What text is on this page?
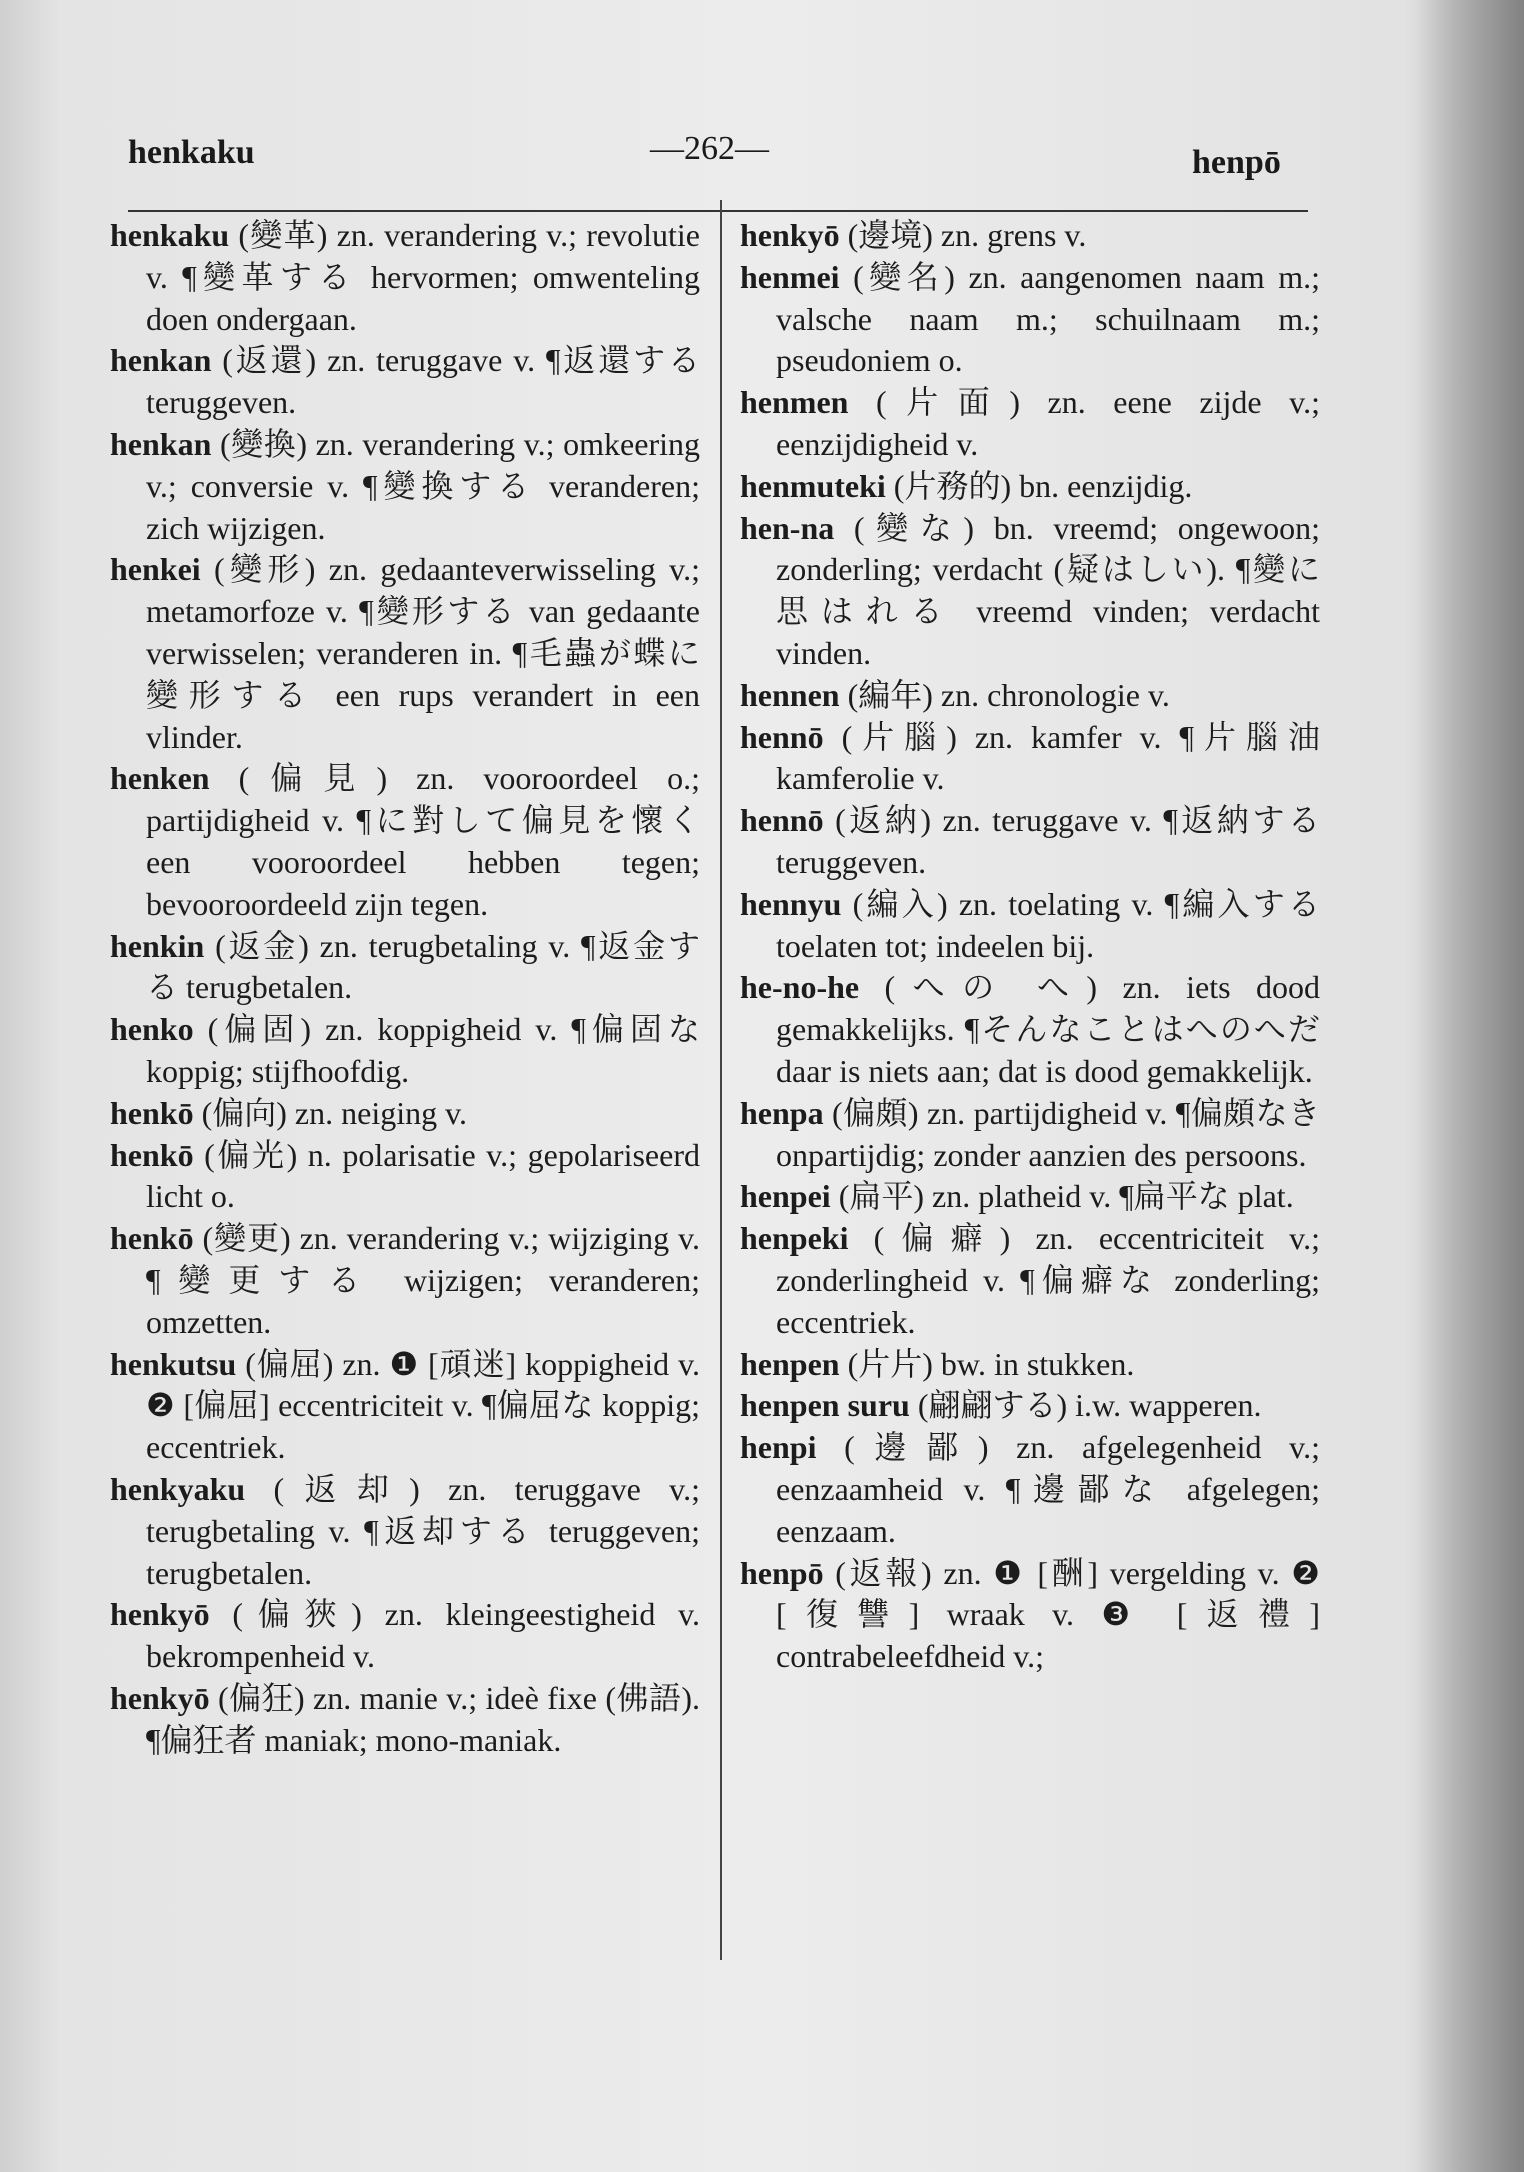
henkaku	—262—	henpō

henkaku (變革) zn. verandering v.; revolutie v. ¶變革する hervormen; omwenteling doen ondergaan.

henkan (返還) zn. teruggave v. ¶返還する teruggeven.

henkan (變換) zn. verandering v.; omkeering v.; conversie v. ¶變換する veranderen; zich wijzigen.

henkei (變形) zn. gedaanteverwisseling v.; metamorfoze v. ¶變形する van gedaante verwisselen; veranderen in. ¶毛蟲が蝶に變形する een rups verandert in een vlinder.

henken (偏見) zn. vooroordeel o.; partijdigheid v. ¶に對して偏見を懷く een vooroordeel hebben tegen; bevooroordeeld zijn tegen.

henkin (返金) zn. terugbetaling v. ¶返金する terugbetalen.

henko (偏固) zn. koppigheid v. ¶偏固な koppig; stijfhoofdig.

henkō (偏向) zn. neiging v.

henkō (偏光) n. polarisatie v.; gepolariseerd licht o.

henkō (變更) zn. verandering v.; wijziging v. ¶變更する wijzigen; veranderen; omzetten.

henkutsu (偏屈) zn. ❶ [頑迷] koppigheid v. ❷ [偏屈] eccentriciteit v. ¶偏屈な koppig; eccentriek.

henkyaku (返却) zn. teruggave v.; terugbetaling v. ¶返却する teruggeven; terugbetalen.

henkyō (偏狹) zn. kleingeestigheid v. bekrompenheid v.

henkyō (偏狂) zn. manie v.; ideè fixe (佛語). ¶偏狂者 maniak; mono-maniak.

henkyō (邊境) zn. grens v.

henmei (變名) zn. aangenomen naam m.; valsche naam m.; schuilnaam m.; pseudoniem o.

henmen (片面) zn. eene zijde v.; eenzijdigheid v.

henmuteki (片務的) bn. eenzijdig.

hen-na (變な) bn. vreemd; ongewoon; zonderling; verdacht (疑はしい). ¶變に思はれる vreemd vinden; verdacht vinden.

hennen (編年) zn. chronologie v.

hennō (片腦) zn. kamfer v. ¶片腦油 kamferolie v.

hennō (返納) zn. teruggave v. ¶返納する teruggeven.

hennyu (編入) zn. toelating v. ¶編入する toelaten tot; indeelen bij.

he-no-he (への へ) zn. iets dood gemakkelijks. ¶そんなことはへのへだ daar is niets aan; dat is dood gemakkelijk.

henpa (偏頗) zn. partijdigheid v. ¶偏頗なき onpartijdig; zonder aanzien des persoons.

henpei (扁平) zn. platheid v. ¶扁平な plat.

henpeki (偏癖) zn. eccentriciteit v.; zonderlingheid v. ¶偏癖な zonderling; eccentriek.

henpen (片片) bw. in stukken.

henpen suru (翩翩する) i.w. wapperen.

henpi (邊鄙) zn. afgelegenheid v.; eenzaamheid v. ¶邊鄙な afgelegen; eenzaam.

henpō (返報) zn. ❶ [酬] vergelding v. ❷ [復讐] wraak v. ❸ [返禮] contrabeleefdheid v.;
